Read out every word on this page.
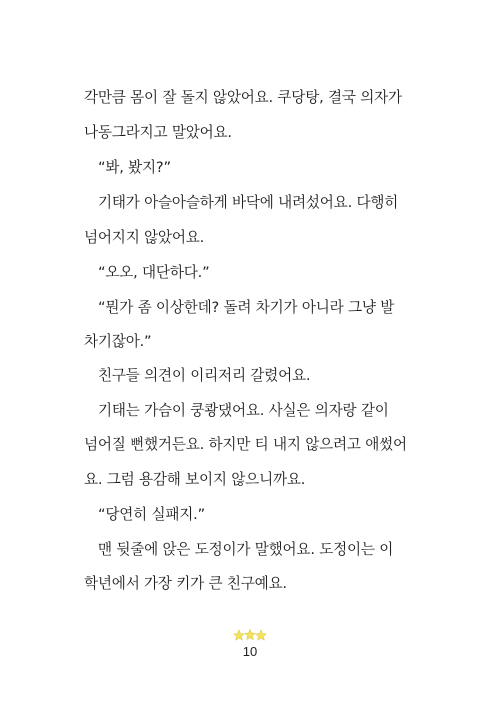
각만큼 몸이 잘 돌지 않았어요. 쿠당탕, 결국 의자가
나동그라지고 말았어요.
“봐, 봤지?”
기태가 아슬아슬하게 바닥에 내려섰어요. 다행히
넘어지지 않았어요.
“오오, 대단하다.”
“뭔가 좀 이상한데? 돌려 차기가 아니라 그냥 발
차기잖아.”
친구들 의견이 이리저리 갈렸어요.
기태는 가슴이 쿵쾅댔어요. 사실은 의자랑 같이
넘어질 뻔했거든요. 하지만 티 내지 않으려고 애썼어
요. 그럼 용감해 보이지 않으니까요.
“당연히 실패지.”
맨 뒷줄에 앉은 도정이가 말했어요. 도정이는 이
학년에서 가장 키가 큰 친구예요.
10
